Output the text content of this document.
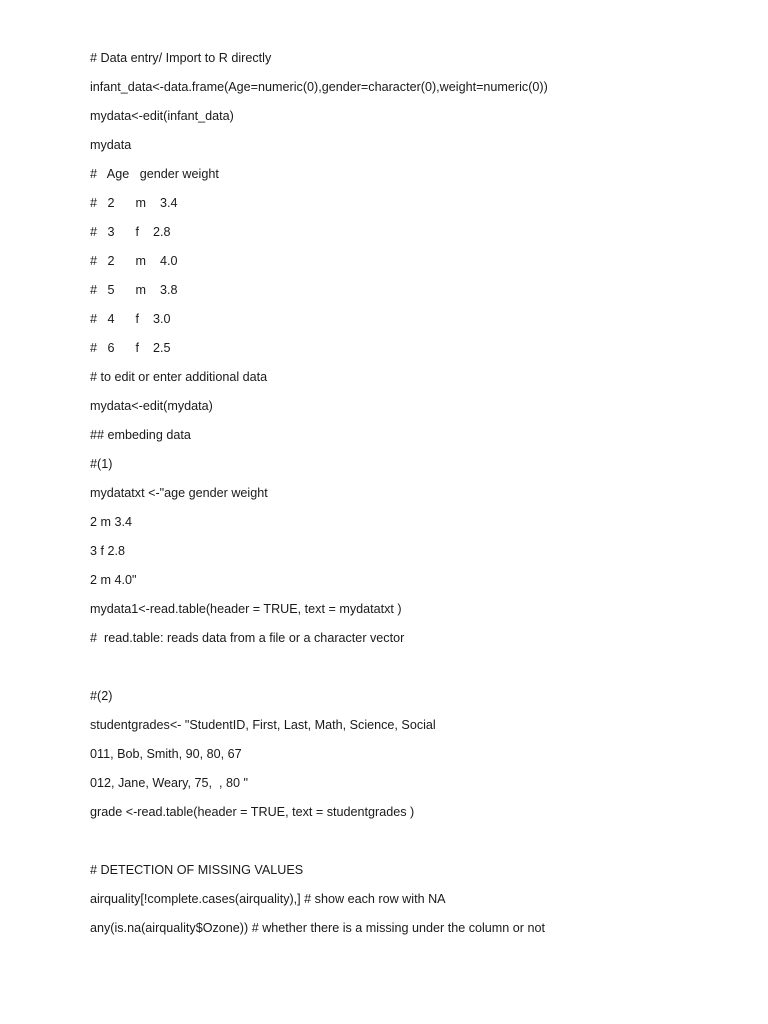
# Data entry/ Import to R directly
infant_data<-data.frame(Age=numeric(0),gender=character(0),weight=numeric(0))
mydata<-edit(infant_data)
mydata
#   Age   gender weight
#   2      m    3.4
#   3      f    2.8
#   2      m    4.0
#   5      m    3.8
#   4      f    3.0
#   6      f    2.5
# to edit or enter additional data
mydata<-edit(mydata)
## embeding data
#(1)
mydatatxt <-"age gender weight
2 m 3.4
3 f 2.8
2 m 4.0"
mydata1<-read.table(header = TRUE, text = mydatatxt )
#  read.table: reads data from a file or a character vector
#(2)
studentgrades<- "StudentID, First, Last, Math, Science, Social
011, Bob, Smith, 90, 80, 67
012, Jane, Weary, 75,  , 80 "
grade <-read.table(header = TRUE, text = studentgrades )
# DETECTION OF MISSING VALUES
airquality[!complete.cases(airquality),] # show each row with NA
any(is.na(airquality$Ozone)) # whether there is a missing under the column or not
